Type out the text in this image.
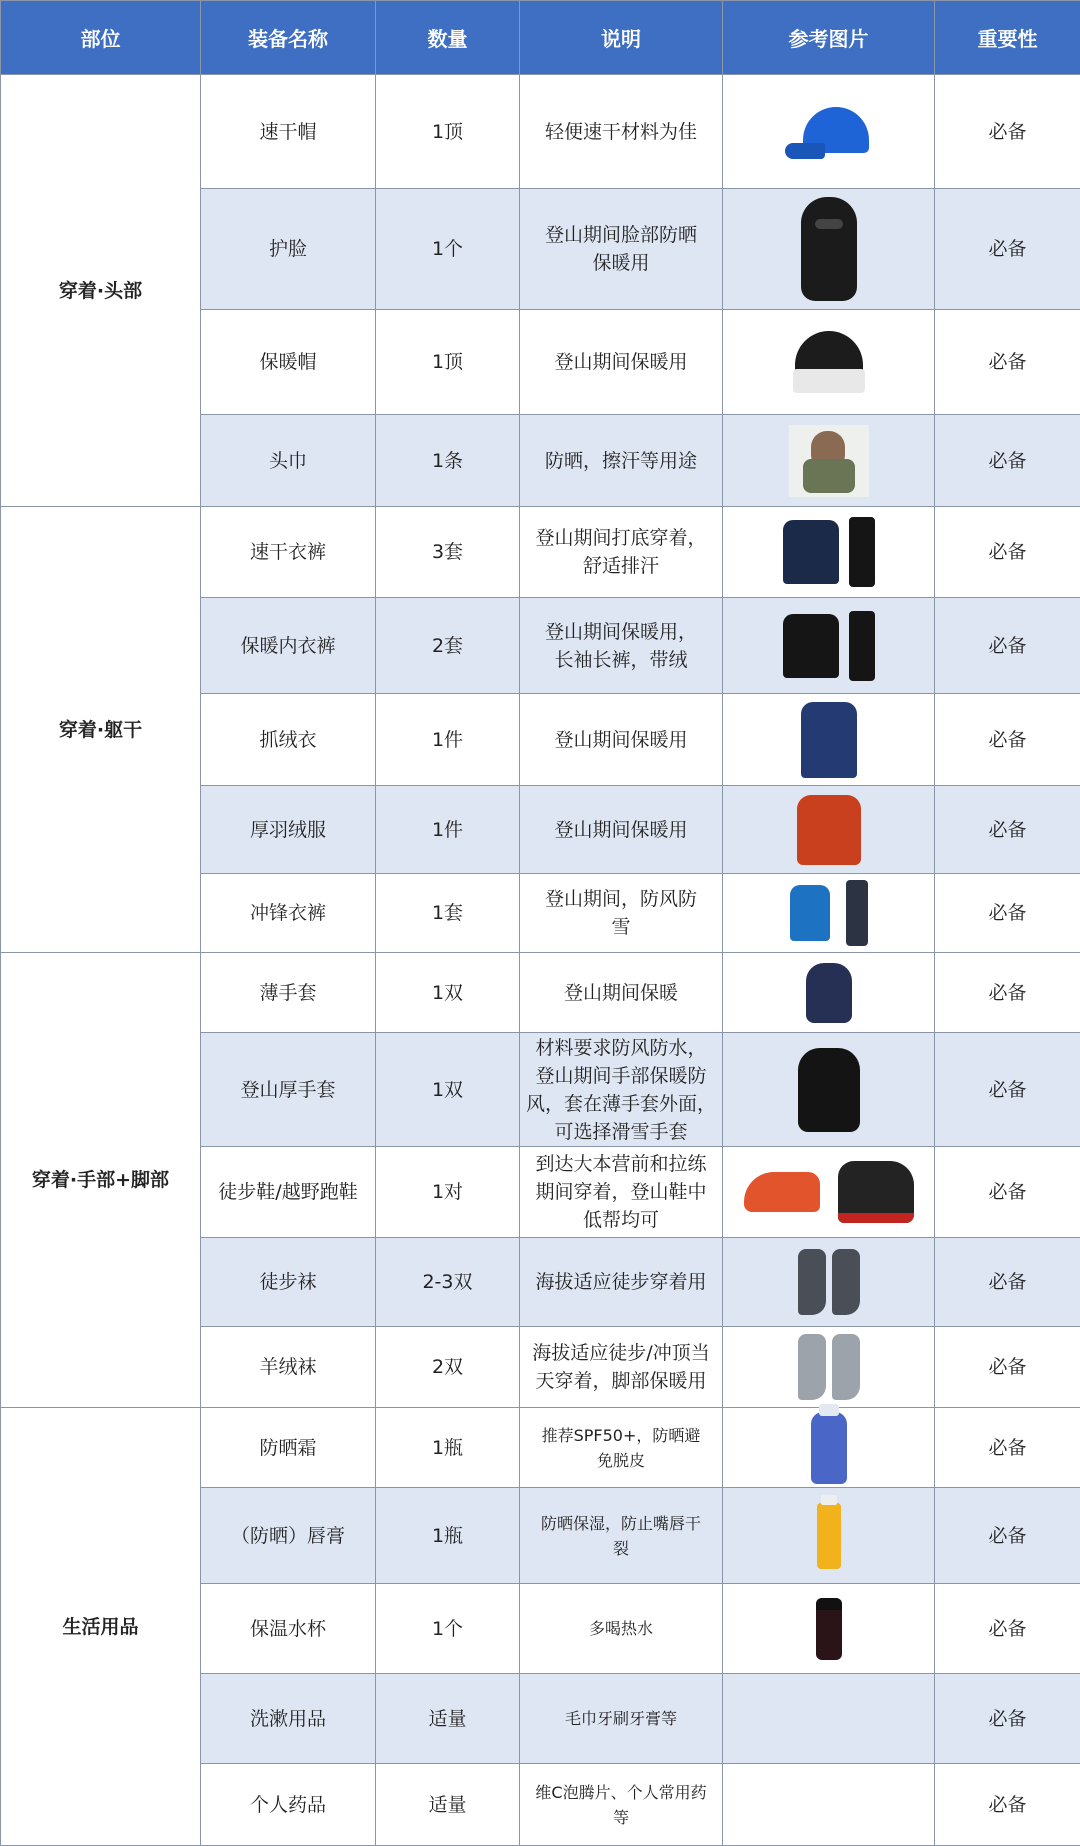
部位	装备名称	数量	说明	参考图片	重要性
穿着·头部	速干帽	1顶	轻便速干材料为佳		必备
	护脸	1个	登山期间脸部防晒
保暖用		必备
	保暖帽	1顶	登山期间保暖用		必备
	头巾	1条	防晒，擦汗等用途		必备
穿着·躯干	速干衣裤	3套	登山期间打底穿着，
舒适排汗		必备
	保暖内衣裤	2套	登山期间保暖用，
长袖长裤，带绒		必备
	抓绒衣	1件	登山期间保暖用		必备
	厚羽绒服	1件	登山期间保暖用		必备
	冲锋衣裤	1套	登山期间，防风防
雪		必备
穿着·手部+脚部	薄手套	1双	登山期间保暖		必备
	登山厚手套	1双	材料要求防风防水，
登山期间手部保暖防
风，套在薄手套外面，
可选择滑雪手套		必备
	徒步鞋/越野跑鞋	1对	到达大本营前和拉练
期间穿着，登山鞋中
低帮均可		必备
	徒步袜	2-3双	海拔适应徒步穿着用		必备
	羊绒袜	2双	海拔适应徒步/冲顶当
天穿着，脚部保暖用		必备
生活用品	防晒霜	1瓶	推荐SPF50+，防晒避
免脱皮		必备
	（防晒）唇膏	1瓶	防晒保湿，防止嘴唇干
裂		必备
	保温水杯	1个	多喝热水		必备
	洗漱用品	适量	毛巾牙刷牙膏等		必备
	个人药品	适量	维C泡腾片、个人常用药
等		必备
